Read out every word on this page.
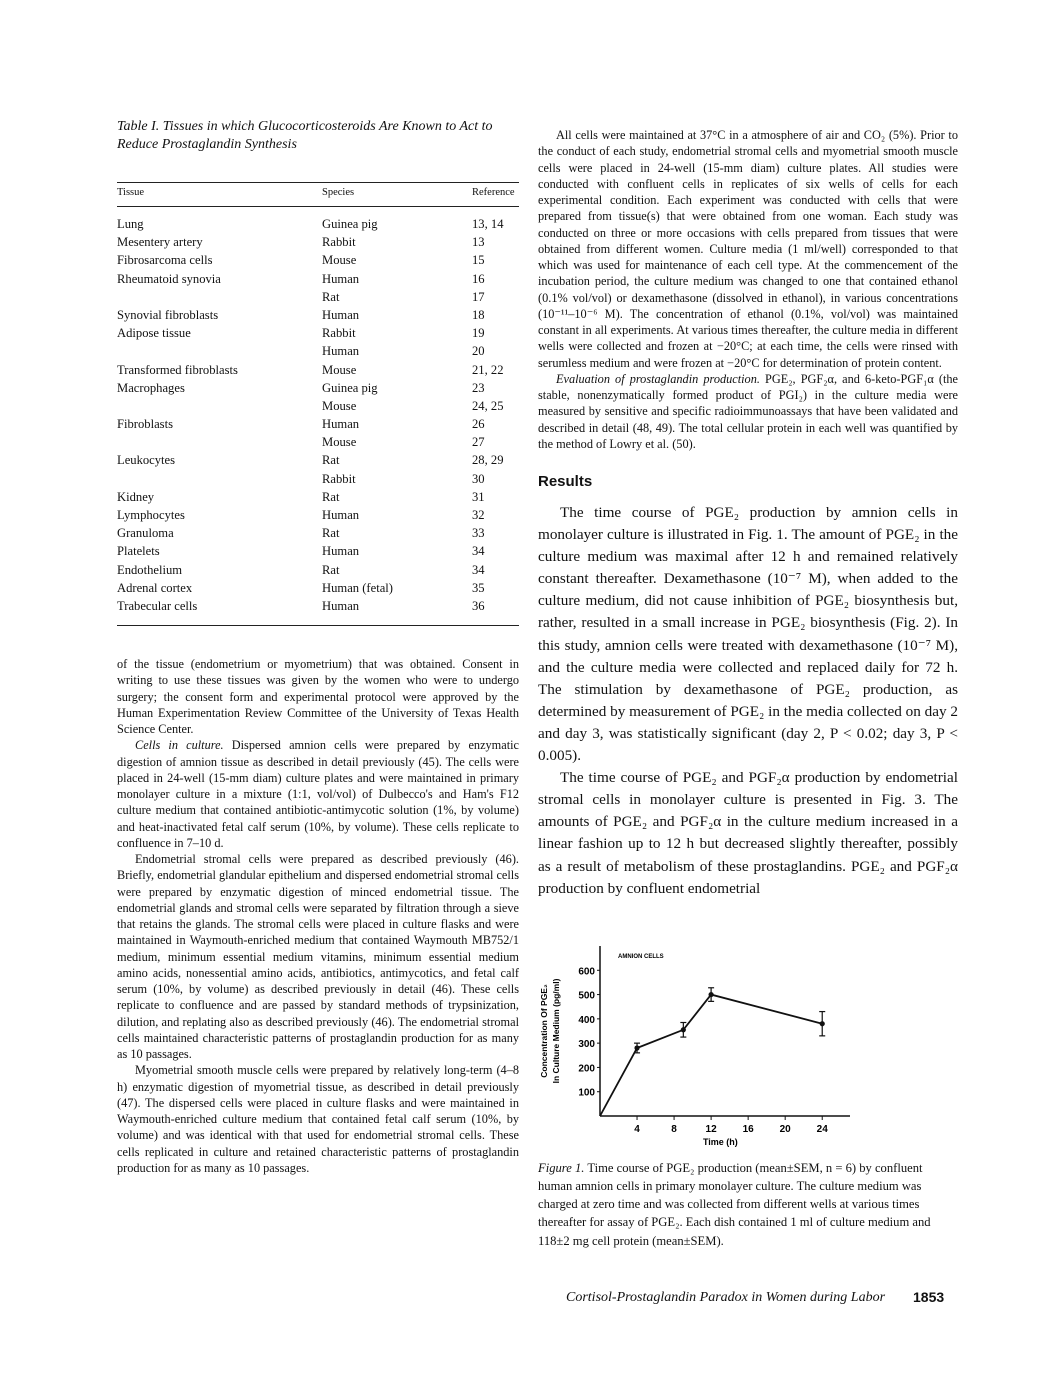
Table I. Tissues in which Glucocorticosteroids Are Known to Act to Reduce Prostaglandin Synthesis
Tissue	Species	Reference
Lung	Guinea pig	13, 14
Mesentery artery	Rabbit	13
Fibrosarcoma cells	Mouse	15
Rheumatoid synovia	Human	16
	Rat	17
Synovial fibroblasts	Human	18
Adipose tissue	Rabbit	19
	Human	20
Transformed fibroblasts	Mouse	21, 22
Macrophages	Guinea pig	23
	Mouse	24, 25
Fibroblasts	Human	26
	Mouse	27
Leukocytes	Rat	28, 29
	Rabbit	30
Kidney	Rat	31
Lymphocytes	Human	32
Granuloma	Rat	33
Platelets	Human	34
Endothelium	Rat	34
Adrenal cortex	Human (fetal)	35
Trabecular cells	Human	36

of the tissue (endometrium or myometrium) that was obtained. Consent in writing to use these tissues was given by the women who were to undergo surgery; the consent form and experimental protocol were approved by the Human Experimentation Review Committee of the University of Texas Health Science Center.

Cells in culture. Dispersed amnion cells were prepared by enzymatic digestion of amnion tissue as described in detail previously (45). The cells were placed in 24-well (15-mm diam) culture plates and were maintained in primary monolayer culture in a mixture (1:1, vol/vol) of Dulbecco's and Ham's F12 culture medium that contained antibiotic-antimycotic solution (1%, by volume) and heat-inactivated fetal calf serum (10%, by volume). These cells replicate to confluence in 7–10 d.

Endometrial stromal cells were prepared as described previously (46). Briefly, endometrial glandular epithelium and dispersed endometrial stromal cells were prepared by enzymatic digestion of minced endometrial tissue. The endometrial glands and stromal cells were separated by filtration through a sieve that retains the glands. The stromal cells were placed in culture flasks and were maintained in Waymouth-enriched medium that contained Waymouth MB752/1 medium, minimum essential medium vitamins, minimum essential medium amino acids, nonessential amino acids, antibiotics, antimycotics, and fetal calf serum (10%, by volume) as described previously in detail (46). These cells replicate to confluence and are passed by standard methods of trypsinization, dilution, and replating also as described previously (46). The endometrial stromal cells maintained characteristic patterns of prostaglandin production for as many as 10 passages.

Myometrial smooth muscle cells were prepared by relatively long-term (4–8 h) enzymatic digestion of myometrial tissue, as described in detail previously (47). The dispersed cells were placed in culture flasks and were maintained in Waymouth-enriched culture medium that contained fetal calf serum (10%, by volume) and was identical with that used for endometrial stromal cells. These cells replicated in culture and retained characteristic patterns of prostaglandin production for as many as 10 passages.

All cells were maintained at 37°C in a atmosphere of air and CO₂ (5%). Prior to the conduct of each study, endometrial stromal cells and myometrial smooth muscle cells were placed in 24-well (15-mm diam) culture plates. All studies were conducted with confluent cells in replicates of six wells of cells for each experimental condition. Each experiment was conducted with cells that were prepared from tissue(s) that were obtained from one woman. Each study was conducted on three or more occasions with cells prepared from tissues that were obtained from different women. Culture media (1 ml/well) corresponded to that which was used for maintenance of each cell type. At the commencement of the incubation period, the culture medium was changed to one that contained ethanol (0.1% vol/vol) or dexamethasone (dissolved in ethanol), in various concentrations (10⁻¹¹–10⁻⁶ M). The concentration of ethanol (0.1%, vol/vol) was maintained constant in all experiments. At various times thereafter, the culture media in different wells were collected and frozen at −20°C; at each time, the cells were rinsed with serumless medium and were frozen at −20°C for determination of protein content.

Evaluation of prostaglandin production. PGE₂, PGF₂α, and 6-keto-PGF₁α (the stable, nonenzymatically formed product of PGI₂) in the culture media were measured by sensitive and specific radioimmunoassays that have been validated and described in detail (48, 49). The total cellular protein in each well was quantified by the method of Lowry et al. (50).

Results

The time course of PGE₂ production by amnion cells in monolayer culture is illustrated in Fig. 1. The amount of PGE₂ in the culture medium was maximal after 12 h and remained relatively constant thereafter. Dexamethasone (10⁻⁷ M), when added to the culture medium, did not cause inhibition of PGE₂ biosynthesis but, rather, resulted in a small increase in PGE₂ biosynthesis (Fig. 2). In this study, amnion cells were treated with dexamethasone (10⁻⁷ M), and the culture media were collected and replaced daily for 72 h. The stimulation by dexamethasone of PGE₂ production, as determined by measurement of PGE₂ in the media collected on day 2 and day 3, was statistically significant (day 2, P < 0.02; day 3, P < 0.005).

The time course of PGE₂ and PGF₂α production by endometrial stromal cells in monolayer culture is presented in Fig. 3. The amounts of PGE₂ and PGF₂α in the culture medium increased in a linear fashion up to 12 h but decreased slightly thereafter, possibly as a result of metabolism of these prostaglandins. PGE₂ and PGF₂α production by confluent endometrial

100
200
300
400
500
600
4	8	12	16	20	24
Time (h)
AMNION CELLS
Concentration Of PGE₂ In Culture Medium (pg/ml)
Figure 1. Time course of PGE₂ production (mean±SEM, n = 6) by confluent human amnion cells in primary monolayer culture. The culture medium was charged at zero time and was collected from different wells at various times thereafter for assay of PGE₂. Each dish contained 1 ml of culture medium and 118±2 mg cell protein (mean±SEM).
Cortisol-Prostaglandin Paradox in Women during Labor 1853
